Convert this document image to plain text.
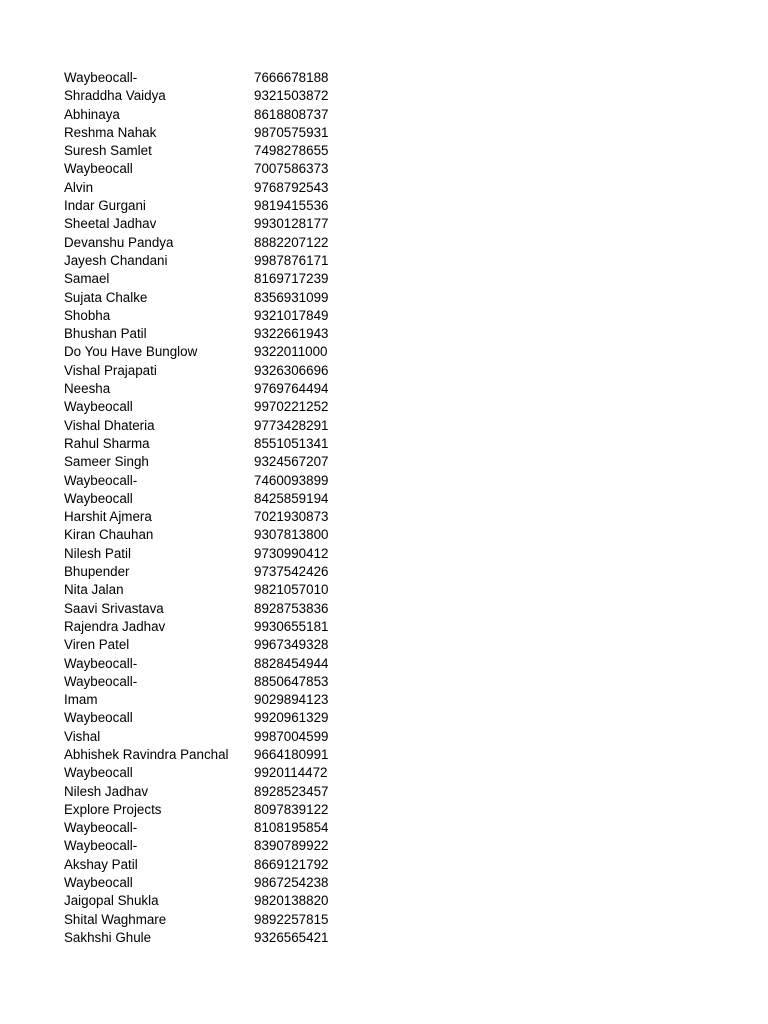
Waybeocall-	7666678188
Shraddha Vaidya	9321503872
Abhinaya	8618808737
Reshma Nahak	9870575931
Suresh Samlet	7498278655
Waybeocall	7007586373
Alvin	9768792543
Indar Gurgani	9819415536
Sheetal Jadhav	9930128177
Devanshu Pandya	8882207122
Jayesh Chandani	9987876171
Samael	8169717239
Sujata Chalke	8356931099
Shobha	9321017849
Bhushan Patil	9322661943
Do You Have Bunglow	9322011000
Vishal Prajapati	9326306696
Neesha	9769764494
Waybeocall	9970221252
Vishal Dhateria	9773428291
Rahul Sharma	8551051341
Sameer Singh	9324567207
Waybeocall-	7460093899
Waybeocall	8425859194
Harshit Ajmera	7021930873
Kiran Chauhan	9307813800
Nilesh Patil	9730990412
Bhupender	9737542426
Nita Jalan	9821057010
Saavi Srivastava	8928753836
Rajendra Jadhav	9930655181
Viren Patel	9967349328
Waybeocall-	8828454944
Waybeocall-	8850647853
Imam	9029894123
Waybeocall	9920961329
Vishal	9987004599
Abhishek Ravindra Panchal	9664180991
Waybeocall	9920114472
Nilesh Jadhav	8928523457
Explore Projects	8097839122
Waybeocall-	8108195854
Waybeocall-	8390789922
Akshay Patil	8669121792
Waybeocall	9867254238
Jaigopal Shukla	9820138820
Shital Waghmare	9892257815
Sakhshi Ghule	9326565421
